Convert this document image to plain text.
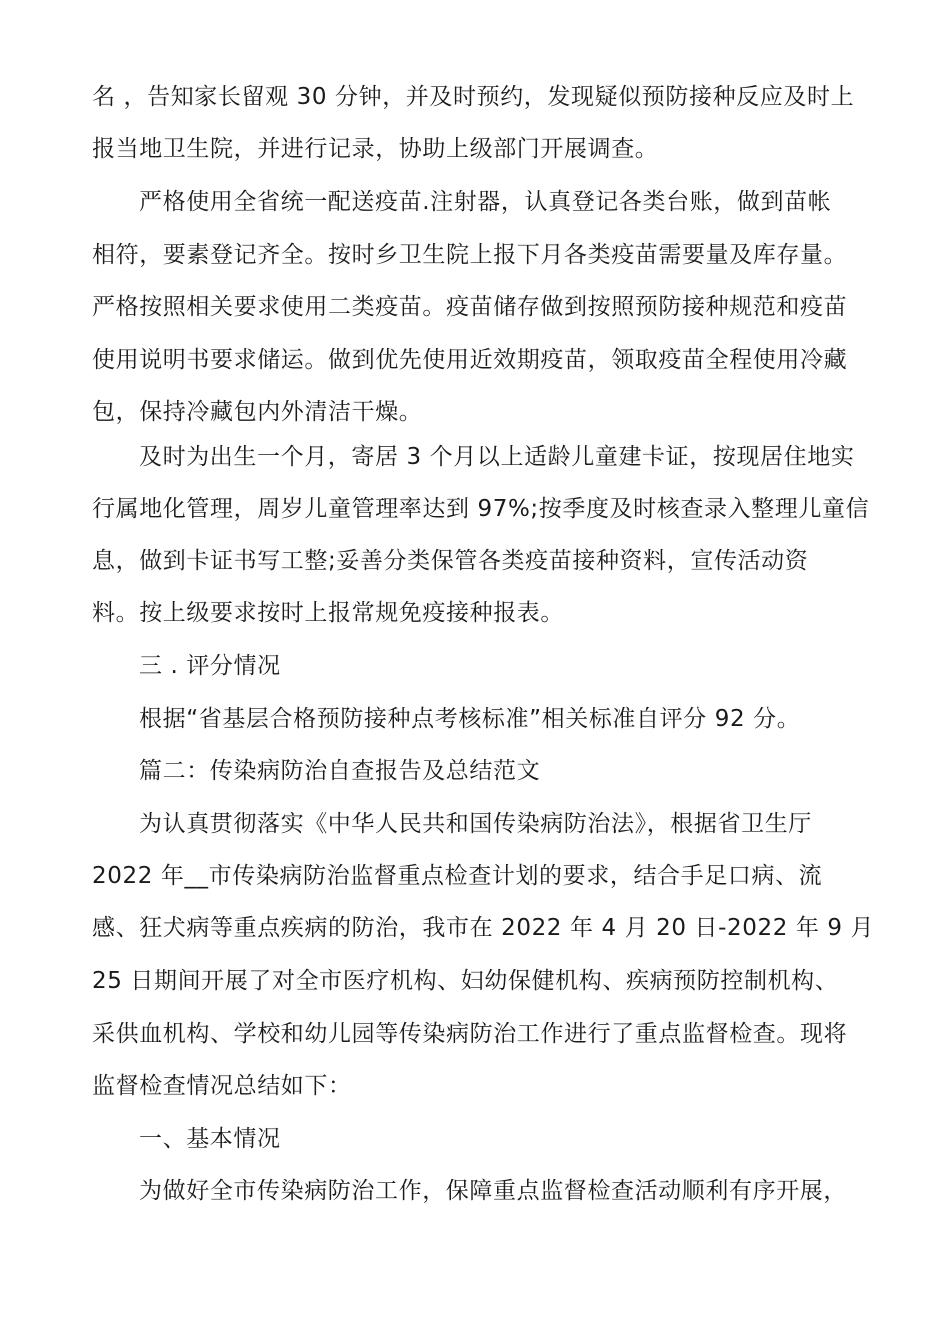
名 ，告知家长留观 30 分钟，并及时预约，发现疑似预防接种反应及时上

报当地卫生院，并进行记录，协助上级部门开展调查。

严格使用全省统一配送疫苗.注射器，认真登记各类台账，做到苗帐

相符，要素登记齐全。按时乡卫生院上报下月各类疫苗需要量及库存量。

严格按照相关要求使用二类疫苗。疫苗储存做到按照预防接种规范和疫苗

使用说明书要求储运。做到优先使用近效期疫苗，领取疫苗全程使用冷藏

包，保持冷藏包内外清洁干燥。

及时为出生一个月，寄居 3 个月以上适龄儿童建卡证，按现居住地实

行属地化管理，周岁儿童管理率达到 97%;按季度及时核查录入整理儿童信

息，做到卡证书写工整;妥善分类保管各类疫苗接种资料，宣传活动资

料。按上级要求按时上报常规免疫接种报表。

三 . 评分情况

根据“省基层合格预防接种点考核标准”相关标准自评分 92 分。

篇二：传染病防治自查报告及总结范文

为认真贯彻落实《中华人民共和国传染病防治法》，根据省卫生厅

2022 年__市传染病防治监督重点检查计划的要求，结合手足口病、流

感、狂犬病等重点疾病的防治，我市在 2022 年 4 月 20 日-2022 年 9 月

25 日期间开展了对全市医疗机构、妇幼保健机构、疾病预防控制机构、

采供血机构、学校和幼儿园等传染病防治工作进行了重点监督检查。现将

监督检查情况总结如下：

一、基本情况

为做好全市传染病防治工作，保障重点监督检查活动顺利有序开展，
